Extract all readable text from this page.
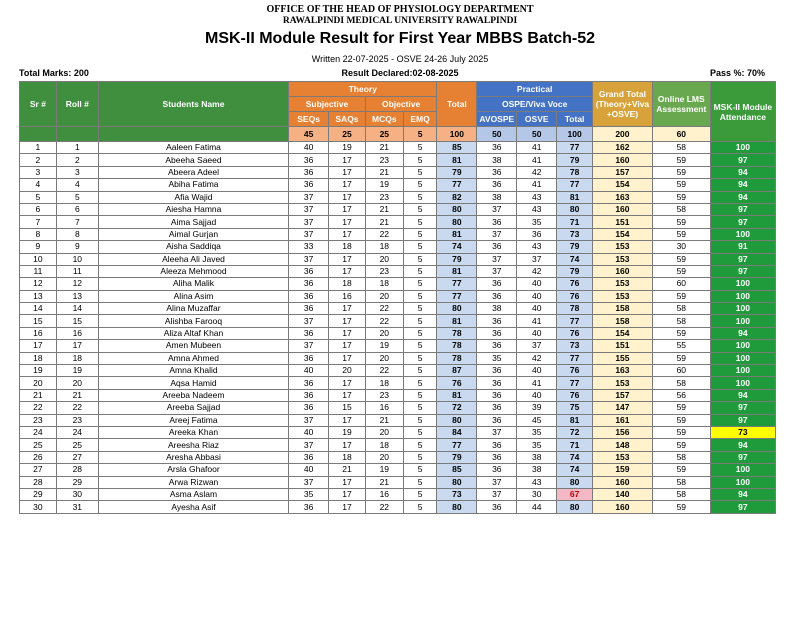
OFFICE OF THE HEAD OF PHYSIOLOGY DEPARTMENT
RAWALPINDI MEDICAL UNIVERSITY RAWALPINDI
MSK-II Module Result for First Year MBBS Batch-52
Written 22-07-2025 - OSVE 24-26 July 2025
Total Marks: 200	Result Declared:02-08-2025	Pass %: 70%
Sr #	Roll #	Students Name	Theory				Total	Practical			Grand Total (Theory+Viva +OSVE)	Online LMS Assessment	MSK-II Module Attendance
			Subjective		Objective			OSPE/Viva Voce					
			SEQs	SAQs	MCQs	EMQ		AVOSPE	OSVE	Total			
			45	25	25	5	100	50	50	100	200	60	
1	1	Aaleen Fatima	40	19	21	5	85	36	41	77	162	58	100
2	2	Abeeha Saeed	36	17	23	5	81	38	41	79	160	59	97
3	3	Abeera Adeel	36	17	21	5	79	36	42	78	157	59	94
4	4	Abiha Fatima	36	17	19	5	77	36	41	77	154	59	94
5	5	Afia Wajid	37	17	23	5	82	38	43	81	163	59	94
6	6	Aiesha Hamna	37	17	21	5	80	37	43	80	160	58	97
7	7	Aima Sajjad	37	17	21	5	80	36	35	71	151	59	97
8	8	Aimal Gurjan	37	17	22	5	81	37	36	73	154	59	100
9	9	Aisha Saddiqa	33	18	18	5	74	36	43	79	153	30	91
10	10	Aleeha Ali Javed	37	17	20	5	79	37	37	74	153	59	97
11	11	Aleeza Mehmood	36	17	23	5	81	37	42	79	160	59	97
12	12	Aliha Malik	36	18	18	5	77	36	40	76	153	60	100
13	13	Alina Asim	36	16	20	5	77	36	40	76	153	59	100
14	14	Alina Muzaffar	36	17	22	5	80	38	40	78	158	58	100
15	15	Alishba Farooq	37	17	22	5	81	36	41	77	158	58	100
16	16	Aliza Altaf Khan	36	17	20	5	78	36	40	76	154	59	94
17	17	Amen Mubeen	37	17	19	5	78	36	37	73	151	55	100
18	18	Amna Ahmed	36	17	20	5	78	35	42	77	155	59	100
19	19	Amna Khalid	40	20	22	5	87	36	40	76	163	60	100
20	20	Aqsa Hamid	36	17	18	5	76	36	41	77	153	58	100
21	21	Areeba Nadeem	36	17	23	5	81	36	40	76	157	56	94
22	22	Areeba Sajjad	36	15	16	5	72	36	39	75	147	59	97
23	23	Areej Fatima	37	17	21	5	80	36	45	81	161	59	97
24	24	Areeka Khan	40	19	20	5	84	37	35	72	156	59	73
25	25	Areesha Riaz	37	17	18	5	77	36	35	71	148	59	94
26	27	Aresha Abbasi	36	18	20	5	79	36	38	74	153	58	97
27	28	Arsla Ghafoor	40	21	19	5	85	36	38	74	159	59	100
28	29	Arwa Rizwan	37	17	21	5	80	37	43	80	160	58	100
29	30	Asma Aslam	35	17	16	5	73	37	30	67	140	58	94
30	31	Ayesha Asif	36	17	22	5	80	36	44	80	160	59	97
